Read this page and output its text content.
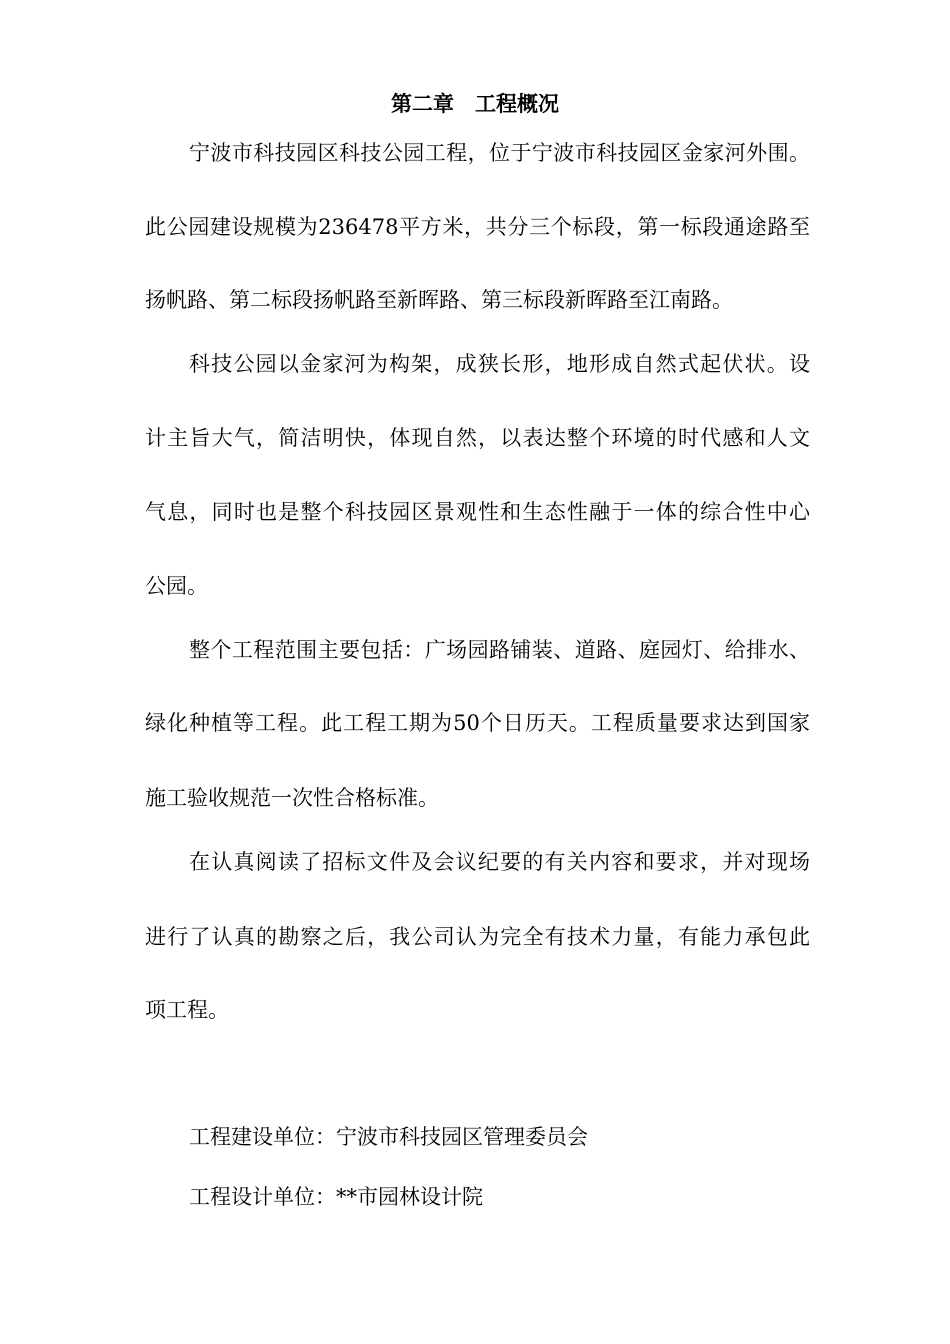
第二章　工程概况
宁波市科技园区科技公园工程，位于宁波市科技园区金家河外围。
此公园建设规模为236478平方米，共分三个标段，第一标段通途路至
扬帆路、第二标段扬帆路至新晖路、第三标段新晖路至江南路。
科技公园以金家河为构架，成狭长形，地形成自然式起伏状。设
计主旨大气，简洁明快，体现自然，以表达整个环境的时代感和人文
气息，同时也是整个科技园区景观性和生态性融于一体的综合性中心
公园。
整个工程范围主要包括：广场园路铺装、道路、庭园灯、给排水、
绿化种植等工程。此工程工期为50个日历天。工程质量要求达到国家
施工验收规范一次性合格标准。
在认真阅读了招标文件及会议纪要的有关内容和要求，并对现场
进行了认真的勘察之后，我公司认为完全有技术力量，有能力承包此
项工程。
工程建设单位：宁波市科技园区管理委员会
工程设计单位：**市园林设计院
